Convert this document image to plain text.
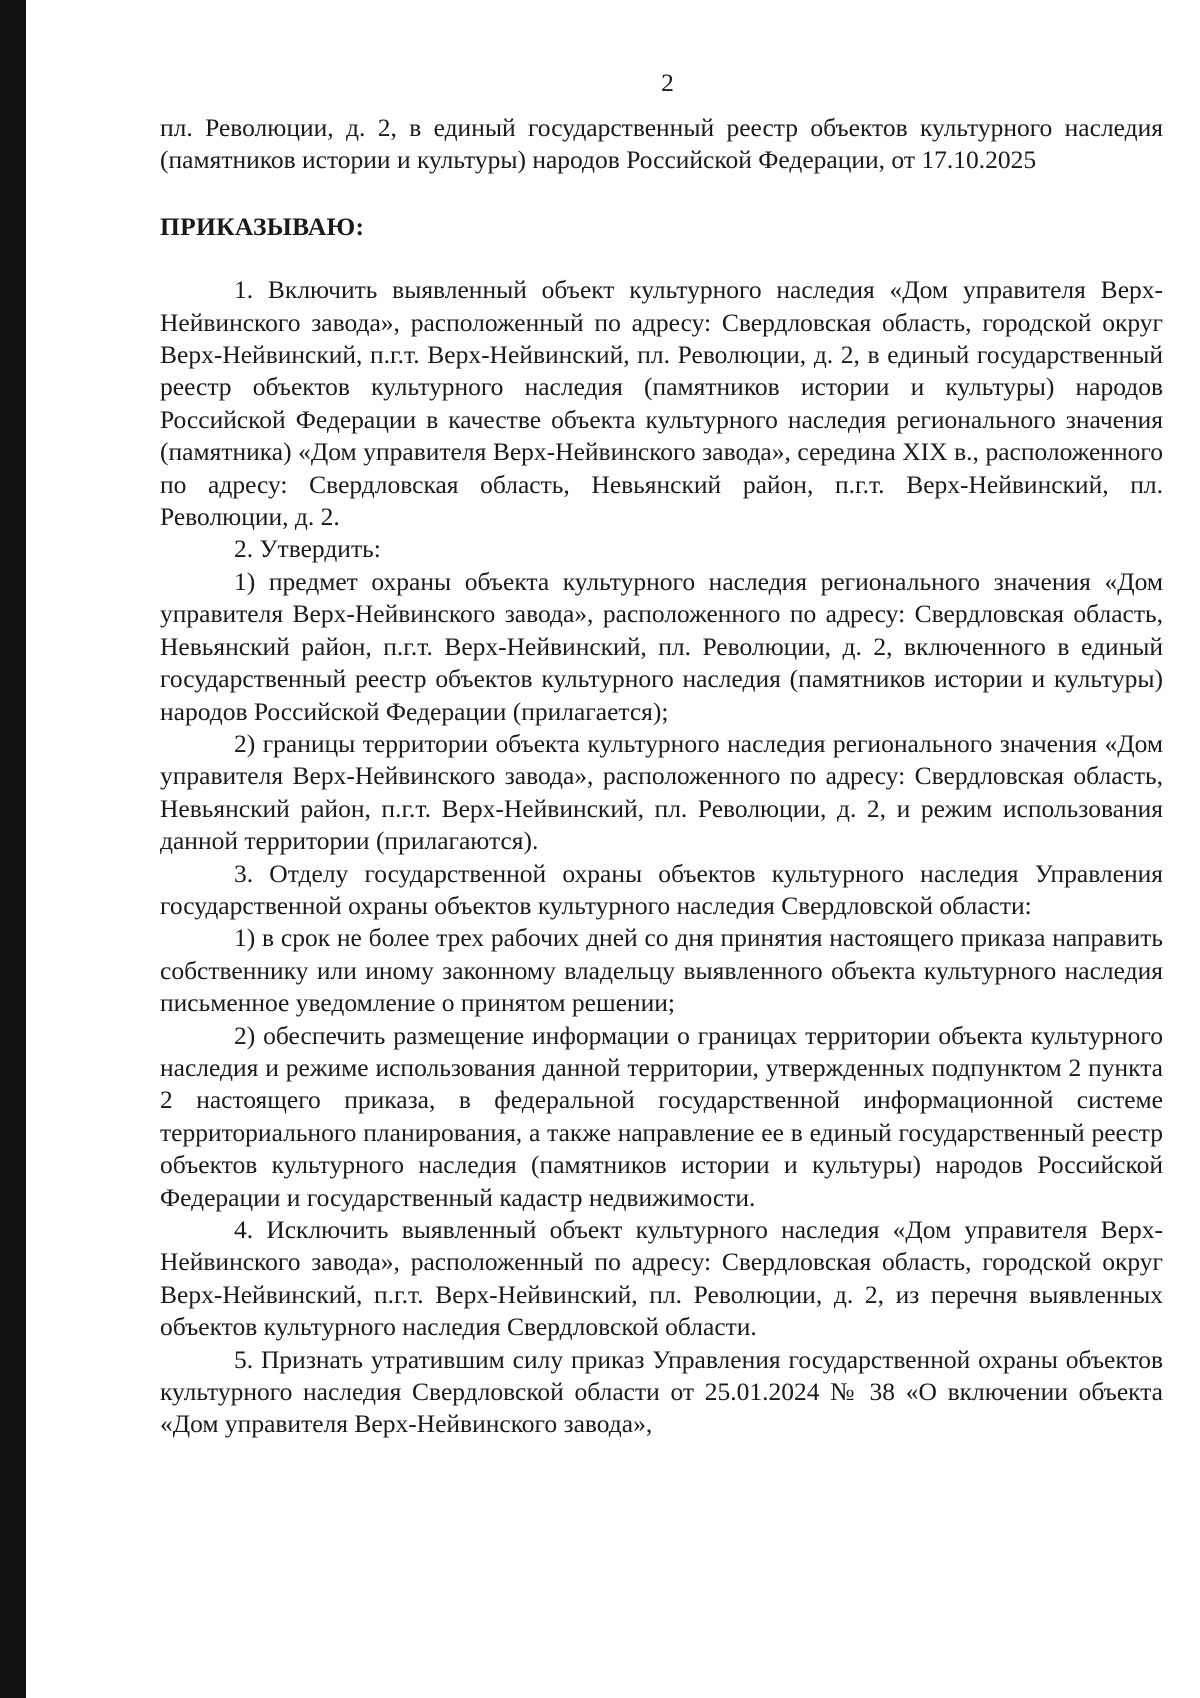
2

пл. Революции, д. 2, в единый государственный реестр объектов культурного наследия (памятников истории и культуры) народов Российской Федерации, от 17.10.2025

ПРИКАЗЫВАЮ:

1. Включить выявленный объект культурного наследия «Дом управителя Верх-Нейвинского завода», расположенный по адресу: Свердловская область, городской округ Верх-Нейвинский, п.г.т. Верх-Нейвинский, пл. Революции, д. 2, в единый государственный реестр объектов культурного наследия (памятников истории и культуры) народов Российской Федерации в качестве объекта культурного наследия регионального значения (памятника) «Дом управителя Верх-Нейвинского завода», середина XIX в., расположенного по адресу: Свердловская область, Невьянский район, п.г.т. Верх-Нейвинский, пл. Революции, д. 2.

2. Утвердить:

1) предмет охраны объекта культурного наследия регионального значения «Дом управителя Верх-Нейвинского завода», расположенного по адресу: Свердловская область, Невьянский район, п.г.т. Верх-Нейвинский, пл. Революции, д. 2, включенного в единый государственный реестр объектов культурного наследия (памятников истории и культуры) народов Российской Федерации (прилагается);

2) границы территории объекта культурного наследия регионального значения «Дом управителя Верх-Нейвинского завода», расположенного по адресу: Свердловская область, Невьянский район, п.г.т. Верх-Нейвинский, пл. Революции, д. 2, и режим использования данной территории (прилагаются).

3. Отделу государственной охраны объектов культурного наследия Управления государственной охраны объектов культурного наследия Свердловской области:

1) в срок не более трех рабочих дней со дня принятия настоящего приказа направить собственнику или иному законному владельцу выявленного объекта культурного наследия письменное уведомление о принятом решении;

2) обеспечить размещение информации о границах территории объекта культурного наследия и режиме использования данной территории, утвержденных подпунктом 2 пункта 2 настоящего приказа, в федеральной государственной информационной системе территориального планирования, а также направление ее в единый государственный реестр объектов культурного наследия (памятников истории и культуры) народов Российской Федерации и государственный кадастр недвижимости.

4. Исключить выявленный объект культурного наследия «Дом управителя Верх-Нейвинского завода», расположенный по адресу: Свердловская область, городской округ Верх-Нейвинский, п.г.т. Верх-Нейвинский, пл. Революции, д. 2, из перечня выявленных объектов культурного наследия Свердловской области.

5. Признать утратившим силу приказ Управления государственной охраны объектов культурного наследия Свердловской области от 25.01.2024 № 38 «О включении объекта «Дом управителя Верх-Нейвинского завода»,
